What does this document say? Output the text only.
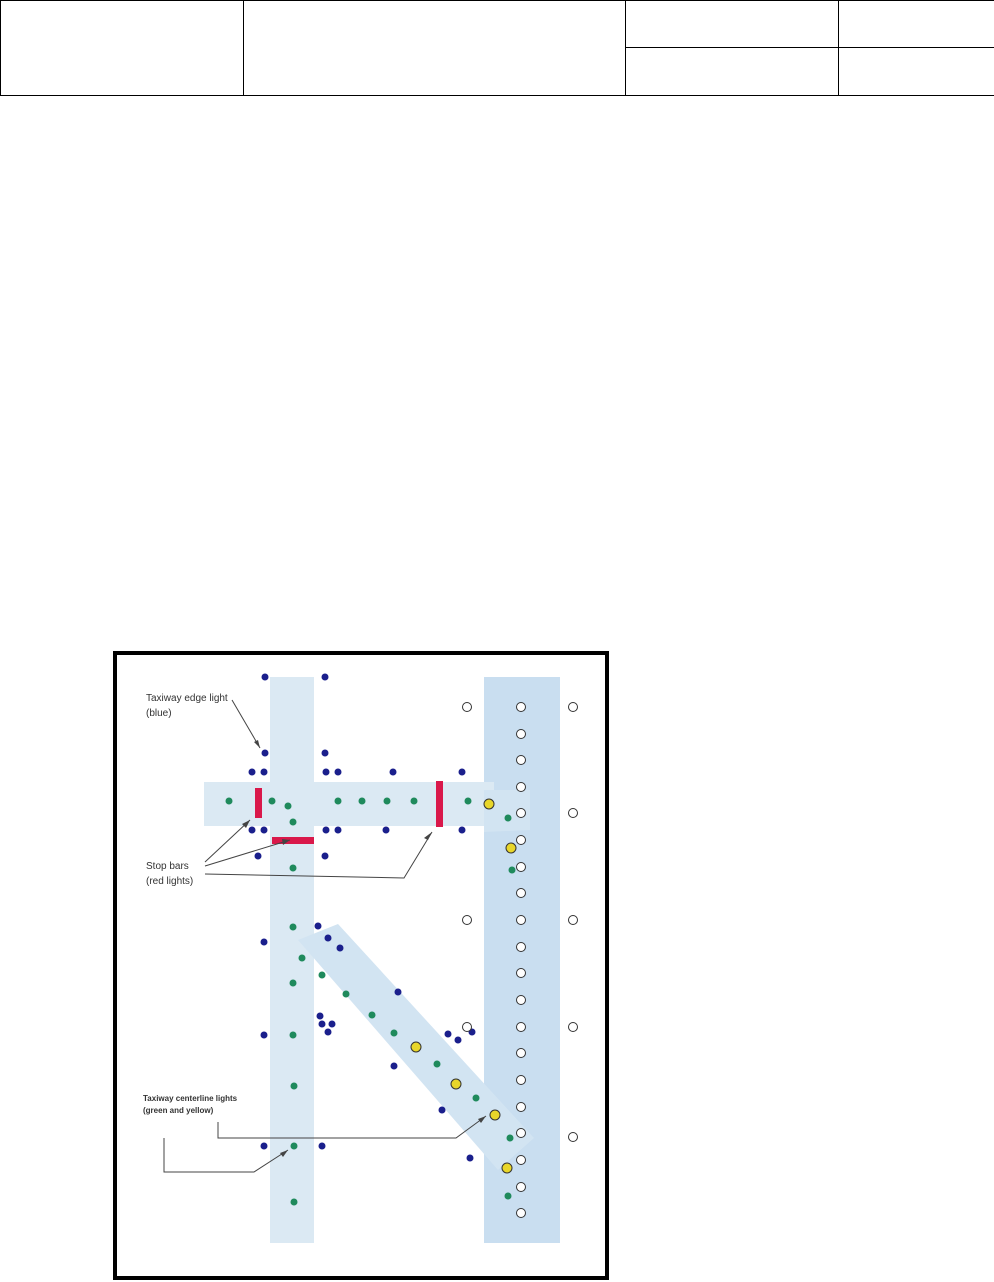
Taxiway edge light
(blue)
Stop bars
(red lights)
Taxiway centerline lights
(green and yellow)
